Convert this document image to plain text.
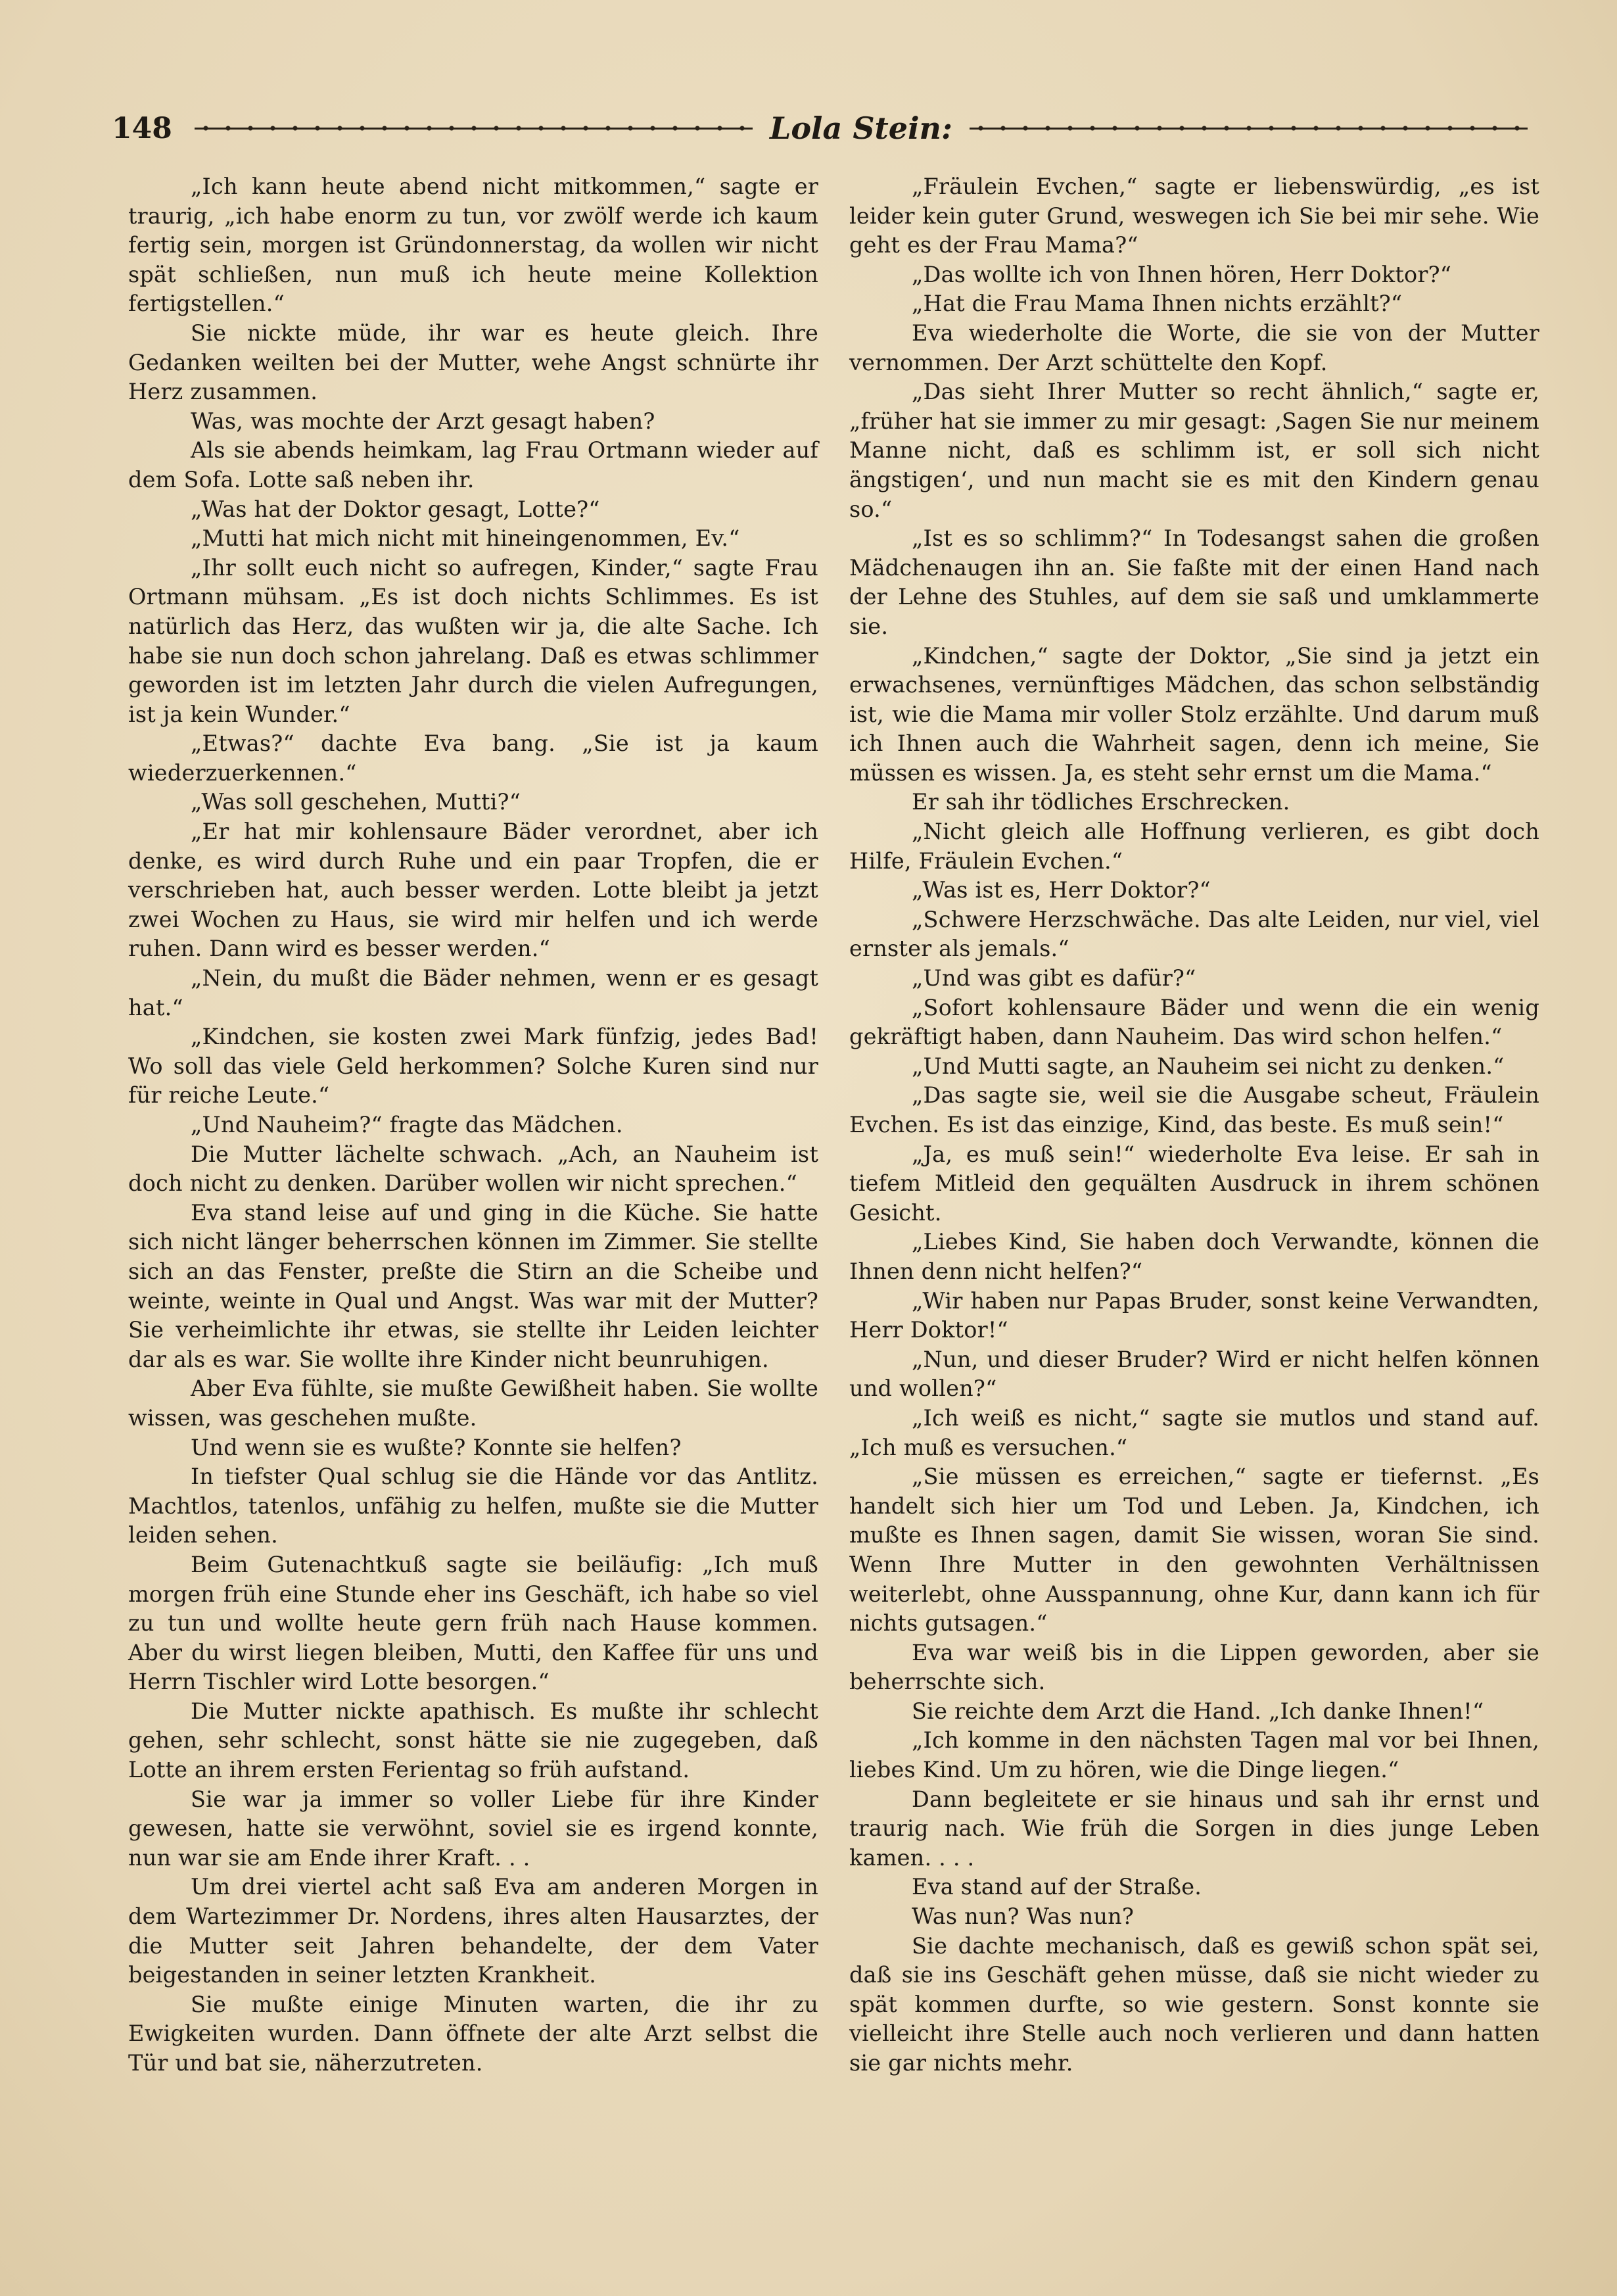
148	Lola Stein:

„Ich kann heute abend nicht mitkommen,“ sagte er traurig, „ich habe enorm zu tun, vor zwölf werde ich kaum fertig sein, morgen ist Gründonnerstag, da wollen wir nicht spät schließen, nun muß ich heute meine Kollektion fertigstellen.“

Sie nickte müde, ihr war es heute gleich. Ihre Gedanken weilten bei der Mutter, wehe Angst schnürte ihr Herz zusammen.

Was, was mochte der Arzt gesagt haben?

Als sie abends heimkam, lag Frau Ortmann wieder auf dem Sofa. Lotte saß neben ihr.

„Was hat der Doktor gesagt, Lotte?“

„Mutti hat mich nicht mit hineingenommen, Ev.“

„Ihr sollt euch nicht so aufregen, Kinder,“ sagte Frau Ortmann mühsam. „Es ist doch nichts Schlimmes. Es ist natürlich das Herz, das wußten wir ja, die alte Sache. Ich habe sie nun doch schon jahrelang. Daß es etwas schlimmer geworden ist im letzten Jahr durch die vielen Aufregungen, ist ja kein Wunder.“

„Etwas?“ dachte Eva bang. „Sie ist ja kaum wiederzuerkennen.“

„Was soll geschehen, Mutti?“

„Er hat mir kohlensaure Bäder verordnet, aber ich denke, es wird durch Ruhe und ein paar Tropfen, die er verschrieben hat, auch besser werden. Lotte bleibt ja jetzt zwei Wochen zu Haus, sie wird mir helfen und ich werde ruhen. Dann wird es besser werden.“

„Nein, du mußt die Bäder nehmen, wenn er es gesagt hat.“

„Kindchen, sie kosten zwei Mark fünfzig, jedes Bad! Wo soll das viele Geld herkommen? Solche Kuren sind nur für reiche Leute.“

„Und Nauheim?“ fragte das Mädchen.

Die Mutter lächelte schwach. „Ach, an Nauheim ist doch nicht zu denken. Darüber wollen wir nicht sprechen.“

Eva stand leise auf und ging in die Küche. Sie hatte sich nicht länger beherrschen können im Zimmer. Sie stellte sich an das Fenster, preßte die Stirn an die Scheibe und weinte, weinte in Qual und Angst. Was war mit der Mutter? Sie verheimlichte ihr etwas, sie stellte ihr Leiden leichter dar als es war. Sie wollte ihre Kinder nicht beunruhigen.

Aber Eva fühlte, sie mußte Gewißheit haben. Sie wollte wissen, was geschehen mußte.

Und wenn sie es wußte? Konnte sie helfen?

In tiefster Qual schlug sie die Hände vor das Antlitz. Machtlos, tatenlos, unfähig zu helfen, mußte sie die Mutter leiden sehen.

Beim Gutenachtkuß sagte sie beiläufig: „Ich muß morgen früh eine Stunde eher ins Geschäft, ich habe so viel zu tun und wollte heute gern früh nach Hause kommen. Aber du wirst liegen bleiben, Mutti, den Kaffee für uns und Herrn Tischler wird Lotte besorgen.“

Die Mutter nickte apathisch. Es mußte ihr schlecht gehen, sehr schlecht, sonst hätte sie nie zugegeben, daß Lotte an ihrem ersten Ferientag so früh aufstand.

Sie war ja immer so voller Liebe für ihre Kinder gewesen, hatte sie verwöhnt, soviel sie es irgend konnte, nun war sie am Ende ihrer Kraft. . .

Um drei viertel acht saß Eva am anderen Morgen in dem Wartezimmer Dr. Nordens, ihres alten Hausarztes, der die Mutter seit Jahren behandelte, der dem Vater beigestanden in seiner letzten Krankheit.

Sie mußte einige Minuten warten, die ihr zu Ewigkeiten wurden. Dann öffnete der alte Arzt selbst die Tür und bat sie, näherzutreten.

„Fräulein Evchen,“ sagte er liebenswürdig, „es ist leider kein guter Grund, weswegen ich Sie bei mir sehe. Wie geht es der Frau Mama?“

„Das wollte ich von Ihnen hören, Herr Doktor?“

„Hat die Frau Mama Ihnen nichts erzählt?“

Eva wiederholte die Worte, die sie von der Mutter vernommen. Der Arzt schüttelte den Kopf.

„Das sieht Ihrer Mutter so recht ähnlich,“ sagte er, „früher hat sie immer zu mir gesagt: ‚Sagen Sie nur meinem Manne nicht, daß es schlimm ist, er soll sich nicht ängstigen‘, und nun macht sie es mit den Kindern genau so.“

„Ist es so schlimm?“ In Todesangst sahen die großen Mädchenaugen ihn an. Sie faßte mit der einen Hand nach der Lehne des Stuhles, auf dem sie saß und umklammerte sie.

„Kindchen,“ sagte der Doktor, „Sie sind ja jetzt ein erwachsenes, vernünftiges Mädchen, das schon selbständig ist, wie die Mama mir voller Stolz erzählte. Und darum muß ich Ihnen auch die Wahrheit sagen, denn ich meine, Sie müssen es wissen. Ja, es steht sehr ernst um die Mama.“

Er sah ihr tödliches Erschrecken.

„Nicht gleich alle Hoffnung verlieren, es gibt doch Hilfe, Fräulein Evchen.“

„Was ist es, Herr Doktor?“

„Schwere Herzschwäche. Das alte Leiden, nur viel, viel ernster als jemals.“

„Und was gibt es dafür?“

„Sofort kohlensaure Bäder und wenn die ein wenig gekräftigt haben, dann Nauheim. Das wird schon helfen.“

„Und Mutti sagte, an Nauheim sei nicht zu denken.“

„Das sagte sie, weil sie die Ausgabe scheut, Fräulein Evchen. Es ist das einzige, Kind, das beste. Es muß sein!“

„Ja, es muß sein!“ wiederholte Eva leise. Er sah in tiefem Mitleid den gequälten Ausdruck in ihrem schönen Gesicht.

„Liebes Kind, Sie haben doch Verwandte, können die Ihnen denn nicht helfen?“

„Wir haben nur Papas Bruder, sonst keine Verwandten, Herr Doktor!“

„Nun, und dieser Bruder? Wird er nicht helfen können und wollen?“

„Ich weiß es nicht,“ sagte sie mutlos und stand auf. „Ich muß es versuchen.“

„Sie müssen es erreichen,“ sagte er tiefernst. „Es handelt sich hier um Tod und Leben. Ja, Kindchen, ich mußte es Ihnen sagen, damit Sie wissen, woran Sie sind. Wenn Ihre Mutter in den gewohnten Verhältnissen weiterlebt, ohne Ausspannung, ohne Kur, dann kann ich für nichts gutsagen.“

Eva war weiß bis in die Lippen geworden, aber sie beherrschte sich.

Sie reichte dem Arzt die Hand. „Ich danke Ihnen!“

„Ich komme in den nächsten Tagen mal vor bei Ihnen, liebes Kind. Um zu hören, wie die Dinge liegen.“

Dann begleitete er sie hinaus und sah ihr ernst und traurig nach. Wie früh die Sorgen in dies junge Leben kamen. . . .

Eva stand auf der Straße.

Was nun? Was nun?

Sie dachte mechanisch, daß es gewiß schon spät sei, daß sie ins Geschäft gehen müsse, daß sie nicht wieder zu spät kommen durfte, so wie gestern. Sonst konnte sie vielleicht ihre Stelle auch noch verlieren und dann hatten sie gar nichts mehr.
